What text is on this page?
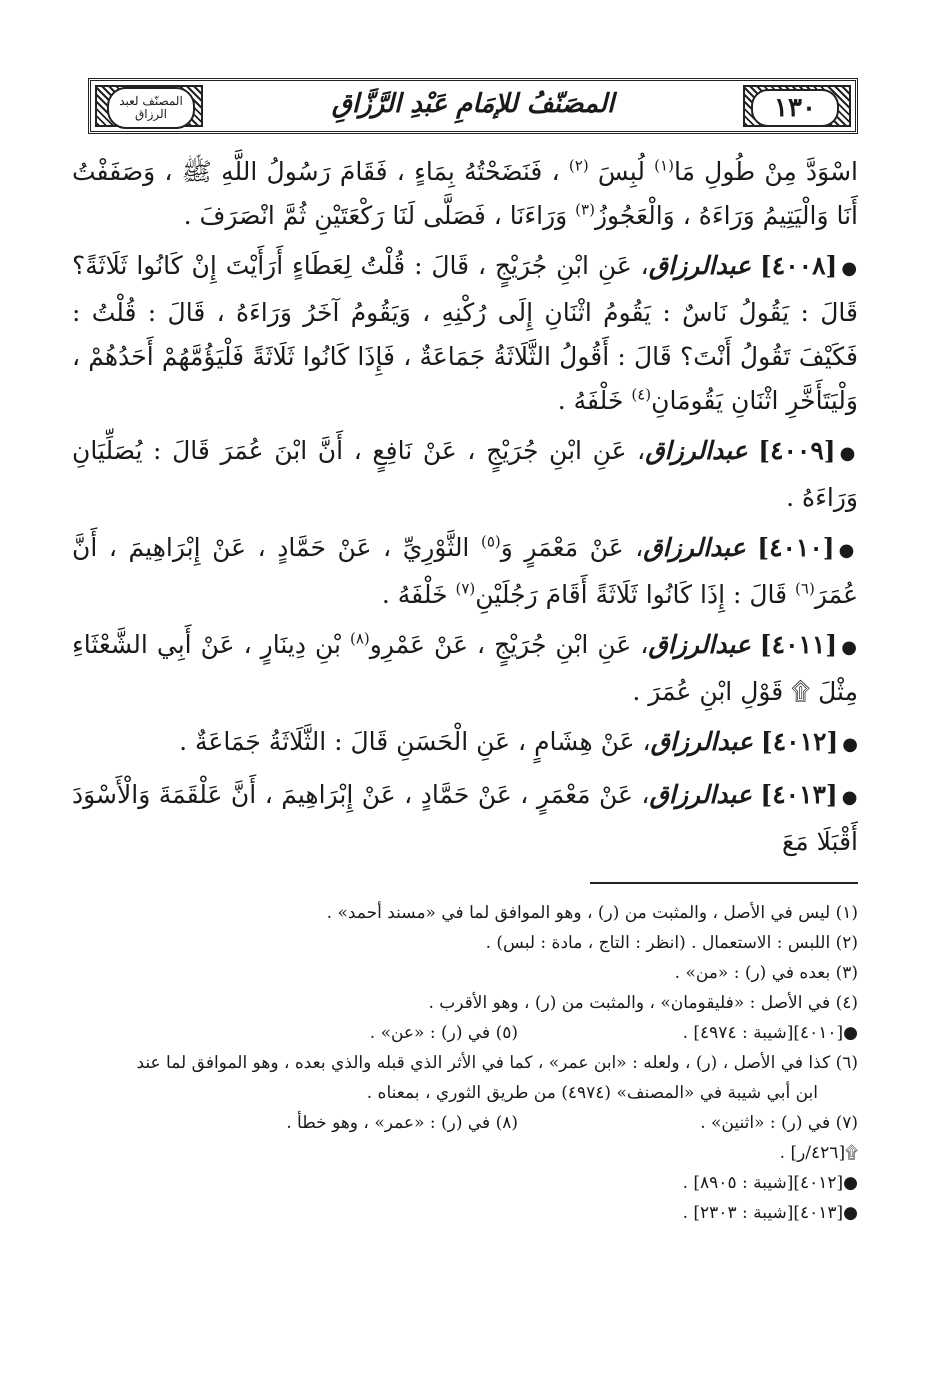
١٣٠
المصنّف لعبد الرزاق	المصَنّفُ للإمَامِ عَبْدِ الرَّزَّاقِ

اسْوَدَّ مِنْ طُولِ مَا$^{(١)}$ لُبِسَ $^{(٢)}$ ، فَنَضَحْتُهُ بِمَاءٍ ، فَقَامَ رَسُولُ اللَّهِ ﷺ ، وَصَفَفْتُ أَنَا وَالْيَتِيمُ وَرَاءَهُ ، وَالْعَجُوزُ$^{(٣)}$ وَرَاءَنَا ، فَصَلَّى لَنَا رَكْعَتَيْنِ ثُمَّ انْصَرَفَ .

●[٤٠٠٨] عبدالرزاق، عَنِ ابْنِ جُرَيْجٍ ، قَالَ : قُلْتُ لِعَطَاءٍ أَرَأَيْتَ إِنْ كَانُوا ثَلَاثَةً؟ قَالَ : يَقُولُ نَاسٌ : يَقُومُ اثْنَانِ إِلَى رُكْنِهِ ، وَيَقُومُ آخَرُ وَرَاءَهُ ، قَالَ : قُلْتُ : فَكَيْفَ تَقُولُ أَنْتَ؟ قَالَ : أَقُولُ الثَّلَاثَةُ جَمَاعَةٌ ، فَإِذَا كَانُوا ثَلَاثَةً فَلْيَؤُمَّهُمْ أَحَدُهُمْ ، وَلْيَتَأَخَّرِ اثْنَانِ يَقُومَانِ$^{(٤)}$ خَلْفَهُ .

●[٤٠٠٩] عبدالرزاق، عَنِ ابْنِ جُرَيْجٍ ، عَنْ نَافِعٍ ، أَنَّ ابْنَ عُمَرَ قَالَ : يُصَلِّيَانِ وَرَاءَهُ .

●[٤٠١٠] عبدالرزاق، عَنْ مَعْمَرٍ وَ$^{(٥)}$ الثَّوْرِيِّ ، عَنْ حَمَّادٍ ، عَنْ إِبْرَاهِيمَ ، أَنَّ عُمَرَ$^{(٦)}$ قَالَ : إِذَا كَانُوا ثَلَاثَةً أَقَامَ رَجُلَيْنِ$^{(٧)}$ خَلْفَهُ .

●[٤٠١١] عبدالرزاق، عَنِ ابْنِ جُرَيْجٍ ، عَنْ عَمْرِو$^{(٨)}$ بْنِ دِينَارٍ ، عَنْ أَبِي الشَّعْثَاءِ مِثْلَ ۩ قَوْلِ ابْنِ عُمَرَ .

●[٤٠١٢] عبدالرزاق، عَنْ هِشَامٍ ، عَنِ الْحَسَنِ قَالَ : الثَّلَاثَةُ جَمَاعَةٌ .

●[٤٠١٣] عبدالرزاق، عَنْ مَعْمَرٍ ، عَنْ حَمَّادٍ ، عَنْ إِبْرَاهِيمَ ، أَنَّ عَلْقَمَةَ وَالْأَسْوَدَ أَقْبَلَا مَعَ

(١) ليس في الأصل ، والمثبت من (ر) ، وهو الموافق لما في «مسند أحمد» .

(٢) اللبس : الاستعمال . (انظر : التاج ، مادة : لبس) .

(٣) بعده في (ر) : «من» .

(٤) في الأصل : «فليقومان» ، والمثبت من (ر) ، وهو الأقرب .

●[٤٠١٠][شيبة : ٤٩٧٤] .
(٥) في (ر) : «عن» .

(٦) كذا في الأصل ، (ر) ، ولعله : «ابن عمر» ، كما في الأثر الذي قبله والذي بعده ، وهو الموافق لما عند

ابن أبي شيبة في «المصنف» (٤٩٧٤) من طريق الثوري ، بمعناه .

(٧) في (ر) : «اثنين» .
(٨) في (ر) : «عمر» ، وهو خطأ .

۩[٤٢٦/ر] .

●[٤٠١٢][شيبة : ٨٩٠٥] .

●[٤٠١٣][شيبة : ٢٣٠٣] .
